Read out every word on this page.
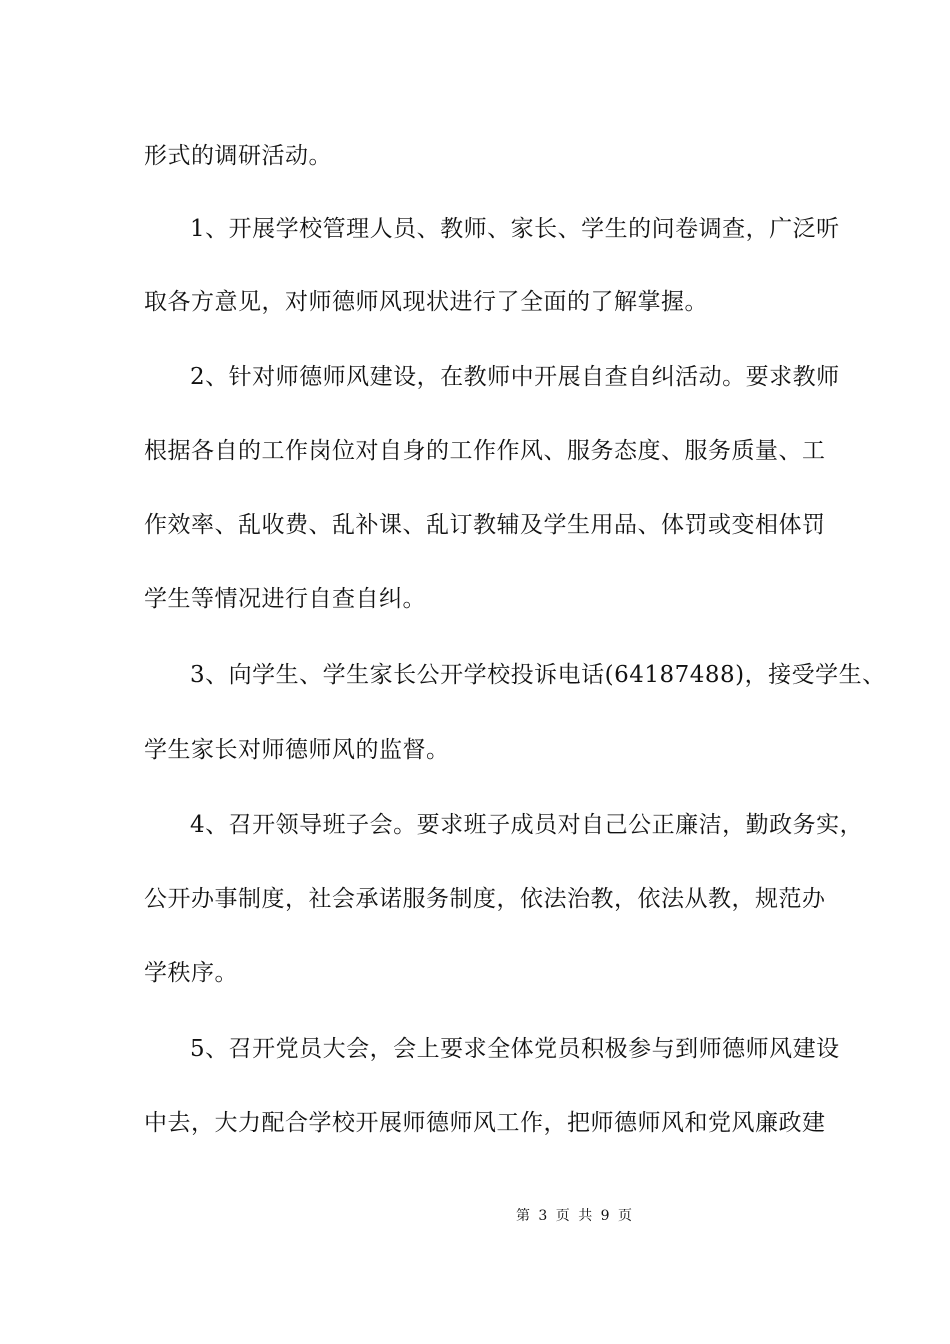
形式的调研活动。
1、开展学校管理人员、教师、家长、学生的问卷调查，广泛听
取各方意见，对师德师风现状进行了全面的了解掌握。
2、针对师德师风建设，在教师中开展自查自纠活动。要求教师
根据各自的工作岗位对自身的工作作风、服务态度、服务质量、工
作效率、乱收费、乱补课、乱订教辅及学生用品、体罚或变相体罚
学生等情况进行自查自纠。
3、向学生、学生家长公开学校投诉电话(64187488)，接受学生、
学生家长对师德师风的监督。
4、召开领导班子会。要求班子成员对自己公正廉洁，勤政务实，
公开办事制度，社会承诺服务制度，依法治教，依法从教，规范办
学秩序。
5、召开党员大会，会上要求全体党员积极参与到师德师风建设
中去，大力配合学校开展师德师风工作，把师德师风和党风廉政建
第 3 页 共 9 页
